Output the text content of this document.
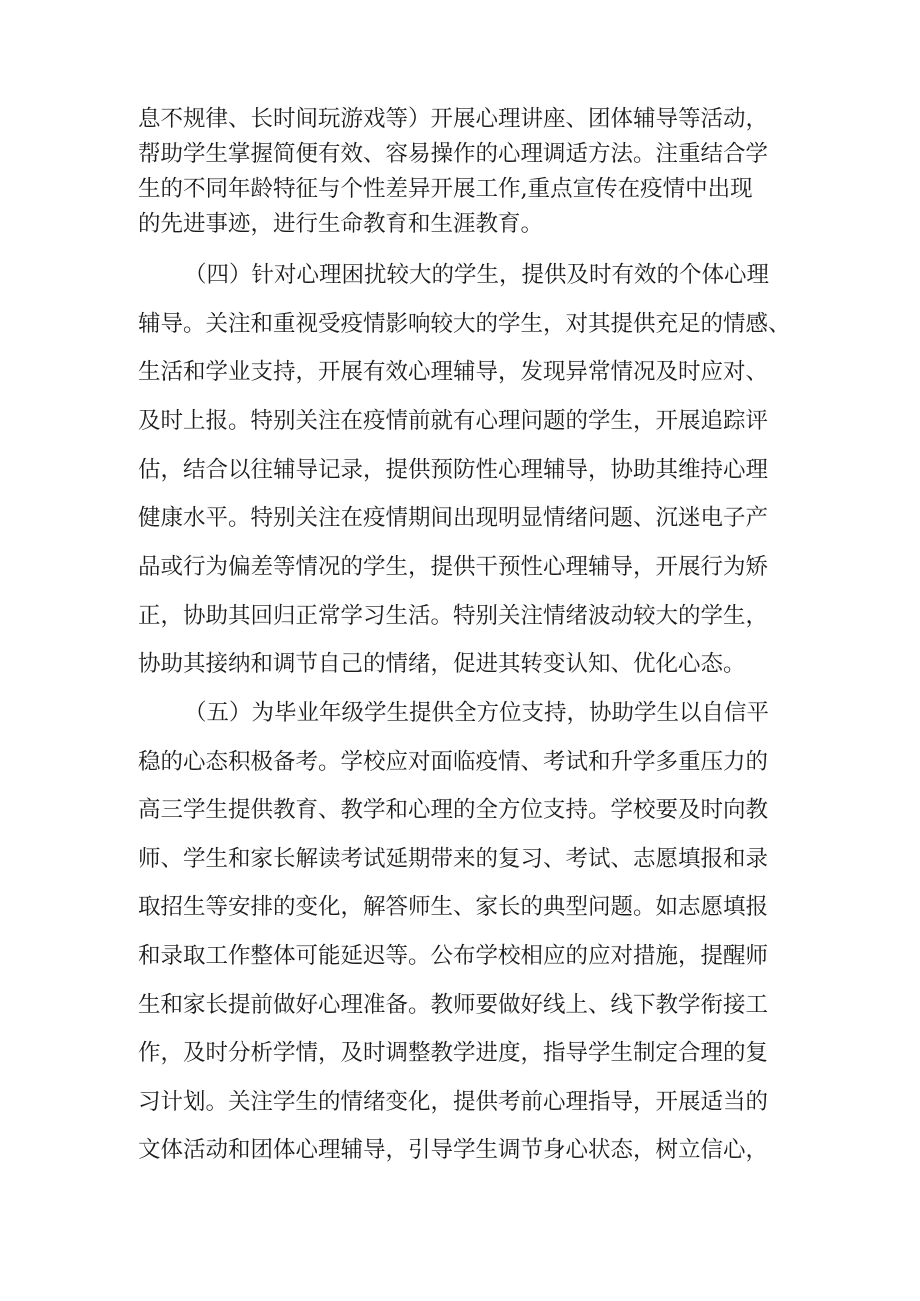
息不规律、长时间玩游戏等）开展心理讲座、团体辅导等活动，

帮助学生掌握简便有效、容易操作的心理调适方法。注重结合学

生的不同年龄特征与个性差异开展工作,重点宣传在疫情中出现

的先进事迹，进行生命教育和生涯教育。

（四）针对心理困扰较大的学生，提供及时有效的个体心理

辅导。关注和重视受疫情影响较大的学生，对其提供充足的情感、

生活和学业支持，开展有效心理辅导，发现异常情况及时应对、

及时上报。特别关注在疫情前就有心理问题的学生，开展追踪评

估，结合以往辅导记录，提供预防性心理辅导，协助其维持心理

健康水平。特别关注在疫情期间出现明显情绪问题、沉迷电子产

品或行为偏差等情况的学生，提供干预性心理辅导，开展行为矫

正，协助其回归正常学习生活。特别关注情绪波动较大的学生，

协助其接纳和调节自己的情绪，促进其转变认知、优化心态。

（五）为毕业年级学生提供全方位支持，协助学生以自信平

稳的心态积极备考。学校应对面临疫情、考试和升学多重压力的

高三学生提供教育、教学和心理的全方位支持。学校要及时向教

师、学生和家长解读考试延期带来的复习、考试、志愿填报和录

取招生等安排的变化，解答师生、家长的典型问题。如志愿填报

和录取工作整体可能延迟等。公布学校相应的应对措施，提醒师

生和家长提前做好心理准备。教师要做好线上、线下教学衔接工

作，及时分析学情，及时调整教学进度，指导学生制定合理的复

习计划。关注学生的情绪变化，提供考前心理指导，开展适当的

文体活动和团体心理辅导，引导学生调节身心状态，树立信心，
